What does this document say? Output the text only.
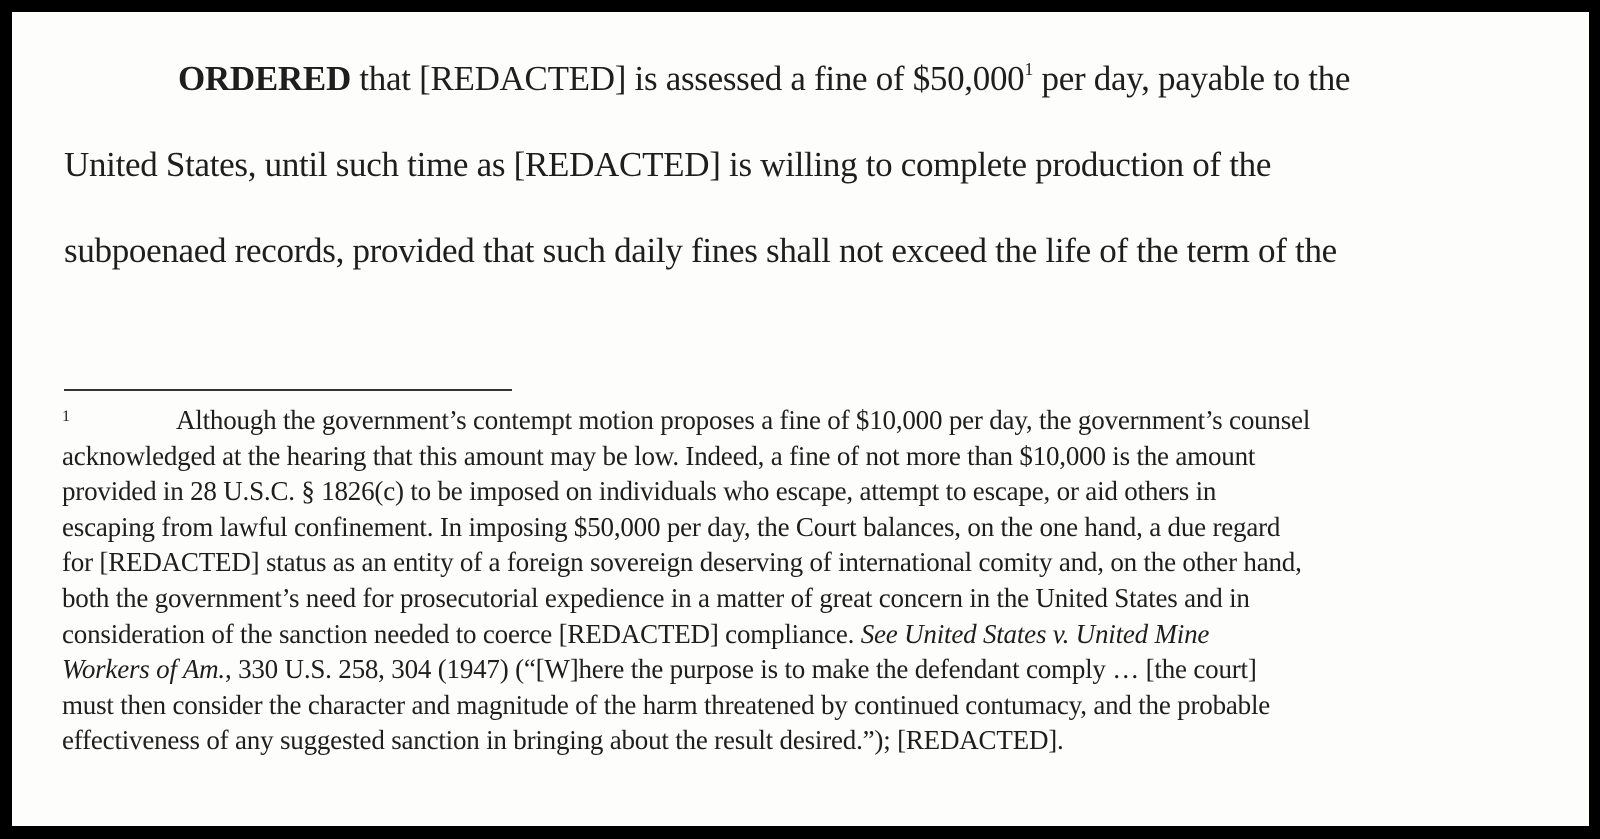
ORDERED that [REDACTED] is assessed a fine of $50,000$^1$ per day, payable to the
United States, until such time as [REDACTED] is willing to complete production of the
subpoenaed records, provided that such daily fines shall not exceed the life of the term of the
1	Although the government’s contempt motion proposes a fine of $10,000 per day, the government’s counsel
acknowledged at the hearing that this amount may be low. Indeed, a fine of not more than $10,000 is the amount
provided in 28 U.S.C. § 1826(c) to be imposed on individuals who escape, attempt to escape, or aid others in
escaping from lawful confinement. In imposing $50,000 per day, the Court balances, on the one hand, a due regard
for [REDACTED] status as an entity of a foreign sovereign deserving of international comity and, on the other hand,
both the government’s need for prosecutorial expedience in a matter of great concern in the United States and in
consideration of the sanction needed to coerce [REDACTED] compliance. See United States v. United Mine
Workers of Am., 330 U.S. 258, 304 (1947) (“[W]here the purpose is to make the defendant comply … [the court]
must then consider the character and magnitude of the harm threatened by continued contumacy, and the probable
effectiveness of any suggested sanction in bringing about the result desired.”); [REDACTED].
